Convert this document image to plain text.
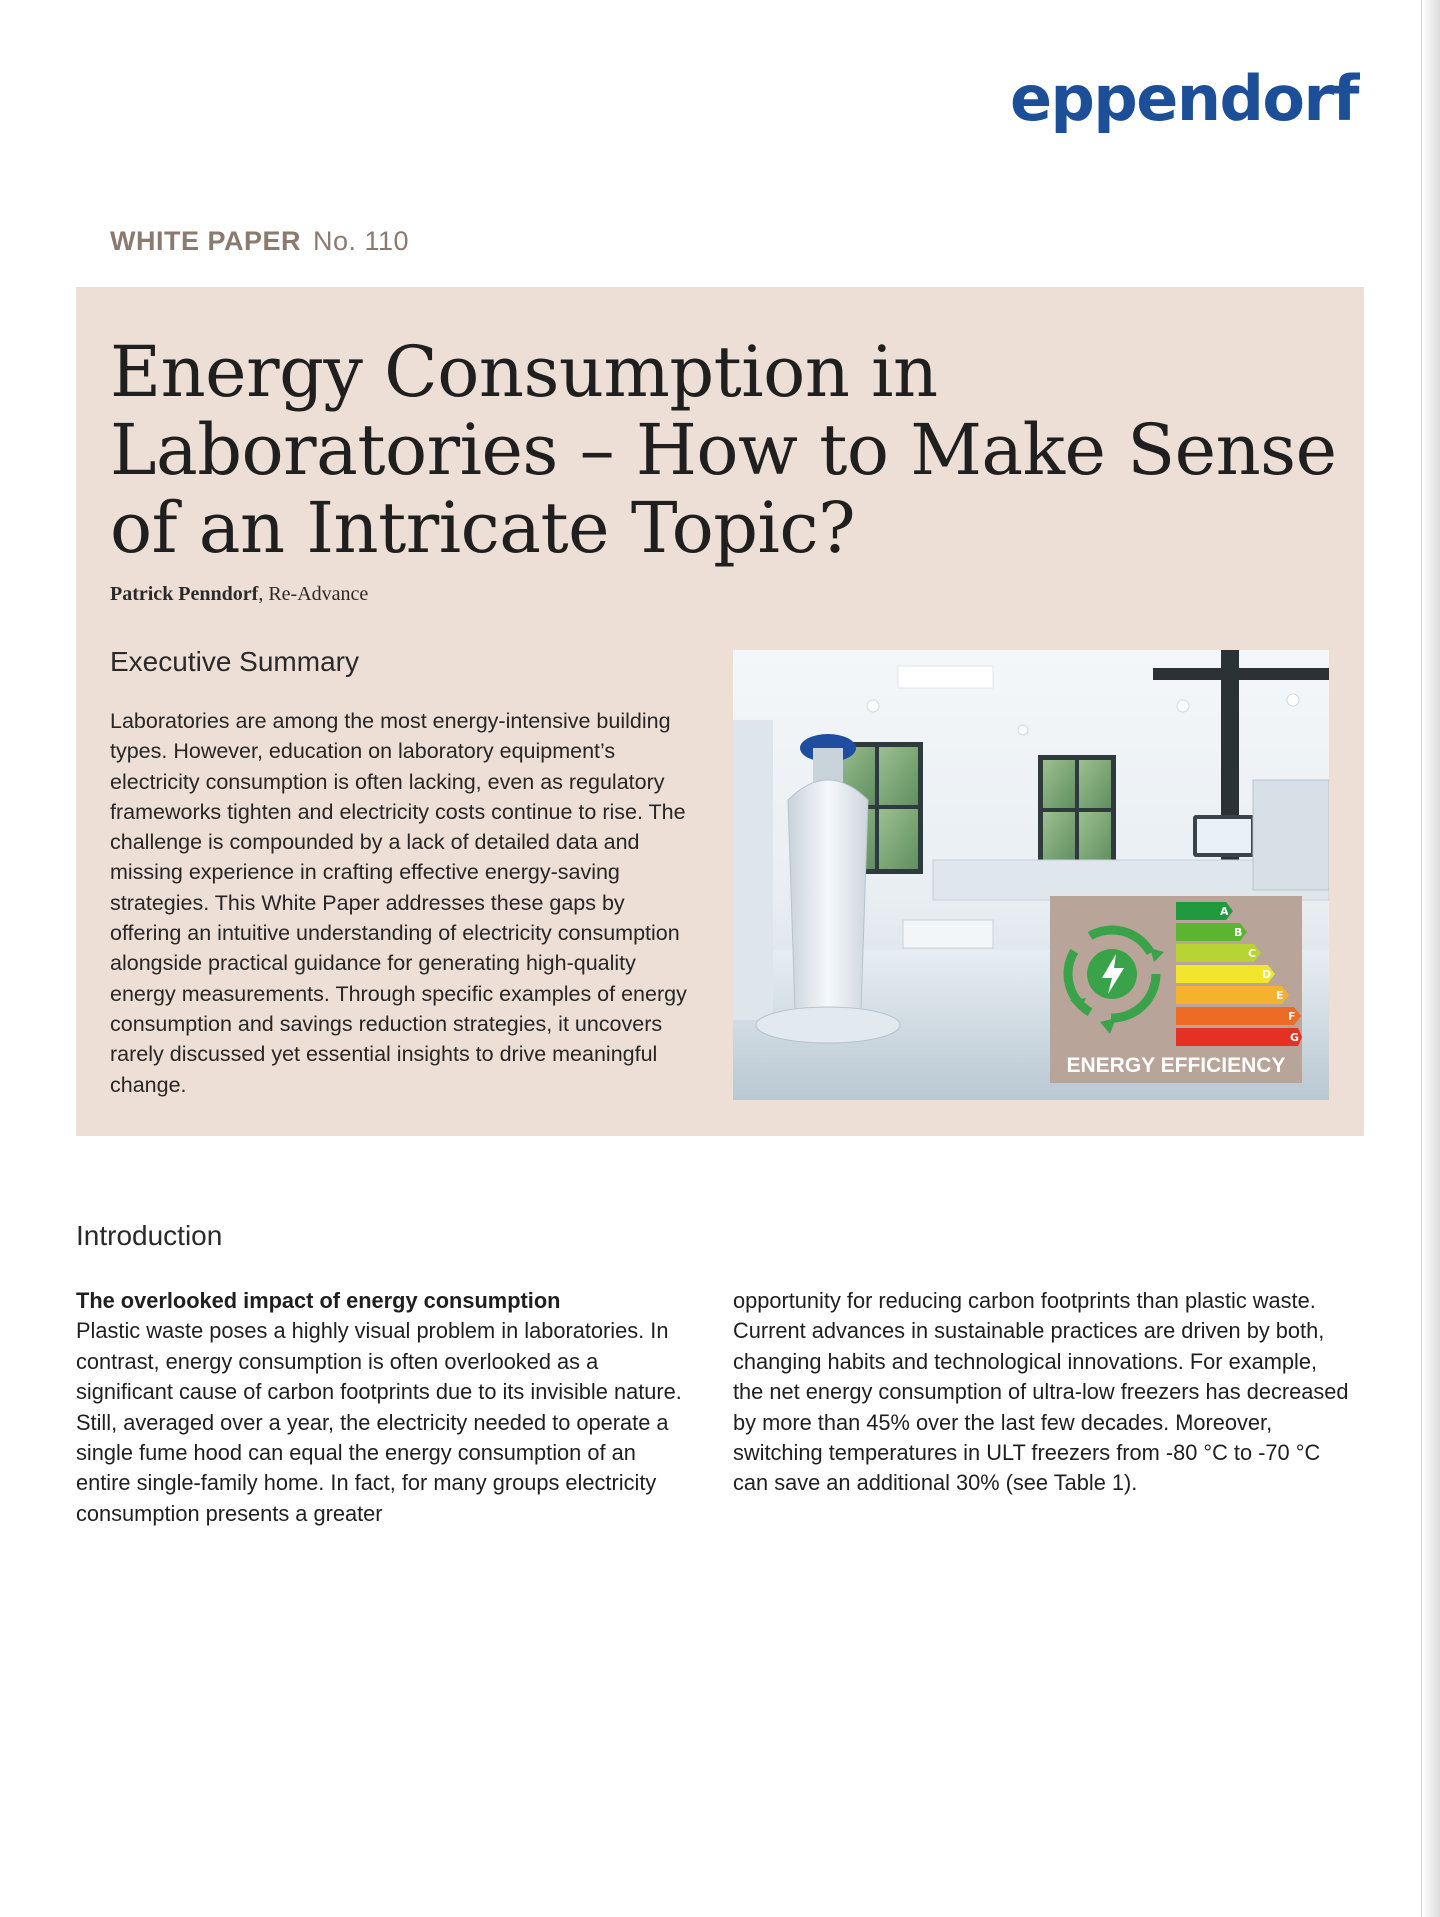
eppendorf
WHITE PAPER No. 110
Energy Consumption in Laboratories – How to Make Sense of an Intricate Topic?
Patrick Penndorf, Re-Advance
Executive Summary

Laboratories are among the most energy-intensive building types. However, education on laboratory equipment’s electricity consumption is often lacking, even as regulatory frameworks tighten and electricity costs continue to rise. The challenge is compounded by a lack of detailed data and missing experience in crafting effective energy-saving strategies. This White Paper addresses these gaps by offering an intuitive understanding of electricity consumption alongside practical guidance for generating high-quality energy measurements. Through specific examples of energy consumption and savings reduction strategies, it uncovers rarely discussed yet essential insights to drive meaningful change.

A
B
C
D
E
F
G
ENERGY EFFICIENCY
Introduction
The overlooked impact of energy consumption

Plastic waste poses a highly visual problem in laboratories. In contrast, energy consumption is often overlooked as a significant cause of carbon footprints due to its invisible nature. Still, averaged over a year, the electricity needed to operate a single fume hood can equal the energy consumption of an entire single-family home. In fact, for many groups electricity consumption presents a greater

opportunity for reducing carbon footprints than plastic waste. Current advances in sustainable practices are driven by both, changing habits and technological innovations. For example, the net energy consumption of ultra-low freezers has decreased by more than 45% over the last few decades. Moreover, switching temperatures in ULT freezers from -80 °C to -70 °C can save an additional 30% (see Table 1).
